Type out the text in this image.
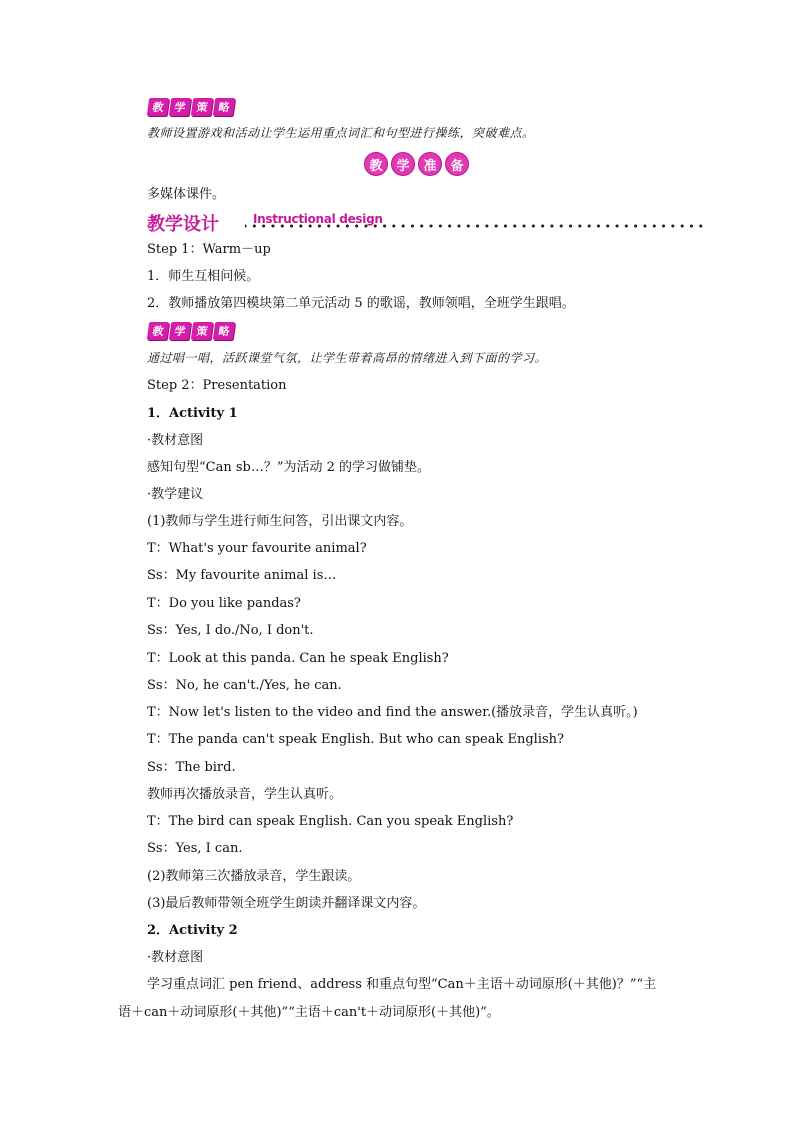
教 学 策 略
教师设置游戏和活动让学生运用重点词汇和句型进行操练，突破难点。
教	学	准	备
多媒体课件。
教学设计	Instructional design
Step 1：Warm－up
1．师生互相问候。
2．教师播放第四模块第二单元活动 5 的歌谣，教师领唱，全班学生跟唱。
教 学 策 略
通过唱一唱，活跃课堂气氛，让学生带着高昂的情绪进入到下面的学习。
Step 2：Presentation
1．Activity 1
·教材意图
感知句型“Can sb…？”为活动 2 的学习做铺垫。
·教学建议
(1)教师与学生进行师生问答，引出课文内容。
T：What's your favourite animal?
Ss：My favourite animal is…
T：Do you like pandas?
Ss：Yes, I do./No, I don't.
T：Look at this panda. Can he speak English?
Ss：No, he can't./Yes, he can.
T：Now let's listen to the video and find the answer.(播放录音，学生认真听。)
T：The panda can't speak English. But who can speak English?
Ss：The bird.
教师再次播放录音，学生认真听。
T：The bird can speak English. Can you speak English?
Ss：Yes, I can.
(2)教师第三次播放录音，学生跟读。
(3)最后教师带领全班学生朗读并翻译课文内容。
2．Activity 2
·教材意图
学习重点词汇 pen friend、address 和重点句型“Can＋主语＋动词原形(＋其他)？”“主
语＋can＋动词原形(＋其他)”“主语＋can't＋动词原形(＋其他)”。
